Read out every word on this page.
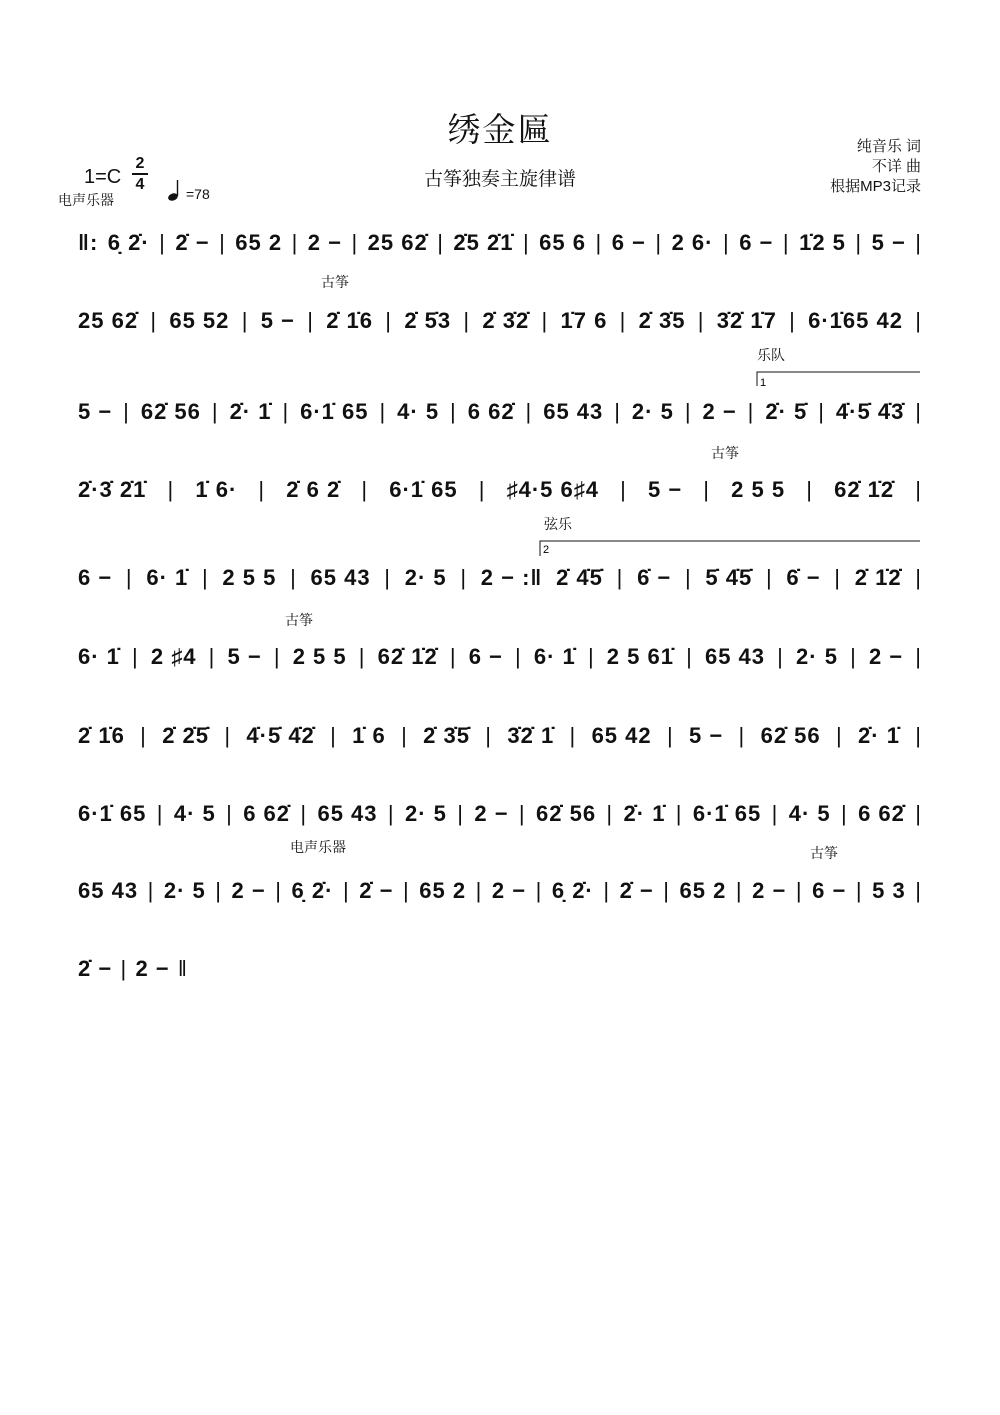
绣金匾
古筝独奏主旋律谱
纯音乐 词
不详 曲
根据MP3记录
1=C
2
4
=78
电声乐器
古筝
乐队
古筝
弦乐
古筝
电声乐器	古筝
1
2
‖: 6̣ 2̇· | 2̇ − | 65 2 | 2 − | 25 62̇ | 2̇5 2̇1̇ | 65 6 | 6 − | 2 6· | 6 − | 1̇2 5 | 5 − |
25 62̇ | 65 52 | 5 − | 2̇ 1̇6 | 2̇ 5̇3 | 2̇ 3̇2̇ | 1̇7 6 | 2̇ 3̇5 | 3̇2̇ 1̇7 | 6·1̇65 42 |
5 − | 62̇ 56 | 2̇· 1̇ | 6·1̇ 65 | 4· 5 | 6 62̇ | 65 43 | 2· 5 | 2 − | 2̇· 5̇ | 4̇·5̇ 4̇3̇ |
2̇·3̇ 2̇1̇ | 1̇ 6· | 2̇ 6 2̇ | 6·1̇ 65 | ♯4·5 6♯4 | 5 − | 2 5 5 | 62̇ 1̇2̇ |
6 − | 6· 1̇ | 2 5 5 | 65 43 | 2· 5 | 2 − :‖ 2̇ 4̇5̇ | 6̇ − | 5̇ 4̇5̇ | 6̇ − | 2̇ 1̇2̇ |
6· 1̇ | 2 ♯4 | 5 − | 2 5 5 | 62̇ 1̇2̇ | 6 − | 6· 1̇ | 2 5 61̇ | 65 43 | 2· 5 | 2 − |
2̇ 1̇6 | 2̇ 2̇5̇ | 4̇·5̇ 4̇2̇ | 1̇ 6 | 2̇ 3̇5̇ | 3̇2̇ 1̇ | 65 42 | 5 − | 62̇ 56 | 2̇· 1̇ |
6·1̇ 65 | 4· 5 | 6 62̇ | 65 43 | 2· 5 | 2 − | 62̇ 56 | 2̇· 1̇ | 6·1̇ 65 | 4· 5 | 6 62̇ |
65 43 | 2· 5 | 2 − | 6̣ 2̇· | 2̇ − | 65 2 | 2 − | 6̣ 2̇· | 2̇ − | 65 2 | 2 − | 6 − | 5 3 |
2̇ − | 2 − ‖
